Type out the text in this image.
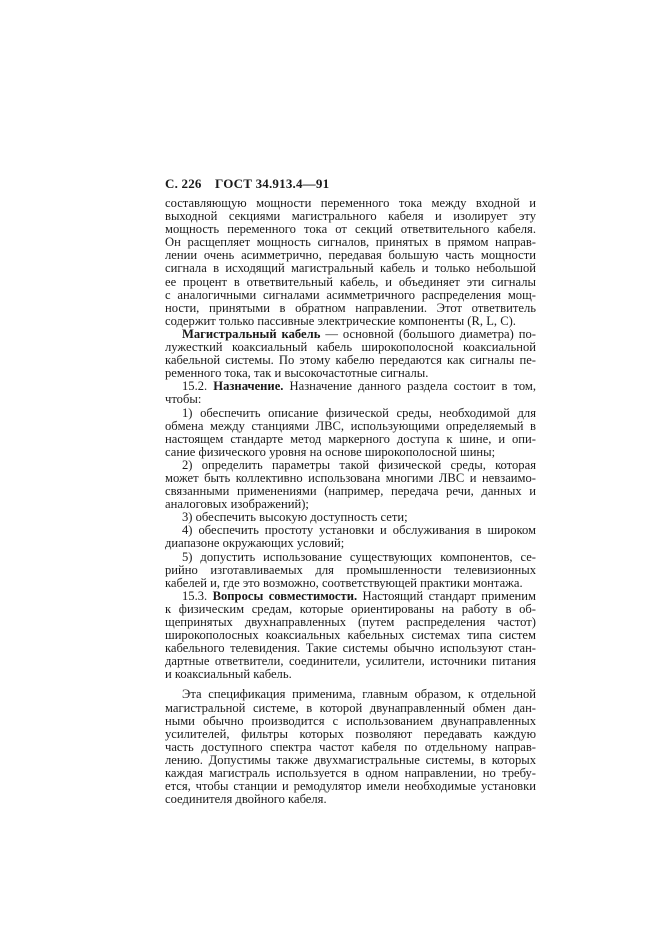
С. 226 ГОСТ 34.913.4—91
составляющую мощности переменного тока между входной и
выходной секциями магистрального кабеля и изолирует эту
мощность переменного тока от секций ответвительного кабеля.
Он расщепляет мощность сигналов, принятых в прямом направ-
лении очень асимметрично, передавая большую часть мощности
сигнала в исходящий магистральный кабель и только небольшой
ее процент в ответвительный кабель, и объединяет эти сигналы
с аналогичными сигналами асимметричного распределения мощ-
ности, принятыми в обратном направлении. Этот ответвитель
содержит только пассивные электрические компоненты (R, L, C).
Магистральный кабель — основной (большого диаметра) по-
лужесткий коаксиальный кабель широкополосной коаксиальной
кабельной системы. По этому кабелю передаются как сигналы пе-
ременного тока, так и высокочастотные сигналы.
15.2. Назначение. Назначение данного раздела состоит в том,
чтобы:
1) обеспечить описание физической среды, необходимой для
обмена между станциями ЛВС, использующими определяемый в
настоящем стандарте метод маркерного доступа к шине, и опи-
сание физического уровня на основе широкополосной шины;
2) определить параметры такой физической среды, которая
может быть коллективно использована многими ЛВС и невзаимо-
связанными применениями (например, передача речи, данных и
аналоговых изображений);
3) обеспечить высокую доступность сети;
4) обеспечить простоту установки и обслуживания в широком
диапазоне окружающих условий;
5) допустить использование существующих компонентов, се-
рийно изготавливаемых для промышленности телевизионных
кабелей и, где это возможно, соответствующей практики монтажа.
15.3. Вопросы совместимости. Настоящий стандарт применим
к физическим средам, которые ориентированы на работу в об-
щепринятых двухнаправленных (путем распределения частот)
широкополосных коаксиальных кабельных системах типа систем
кабельного телевидения. Такие системы обычно используют стан-
дартные ответвители, соединители, усилители, источники питания
и коаксиальный кабель.
Эта спецификация применима, главным образом, к отдельной
магистральной системе, в которой двунаправленный обмен дан-
ными обычно производится с использованием двунаправленных
усилителей, фильтры которых позволяют передавать каждую
часть доступного спектра частот кабеля по отдельному направ-
лению. Допустимы также двухмагистральные системы, в которых
каждая магистраль используется в одном направлении, но требу-
ется, чтобы станции и ремодулятор имели необходимые установки
соединителя двойного кабеля.
